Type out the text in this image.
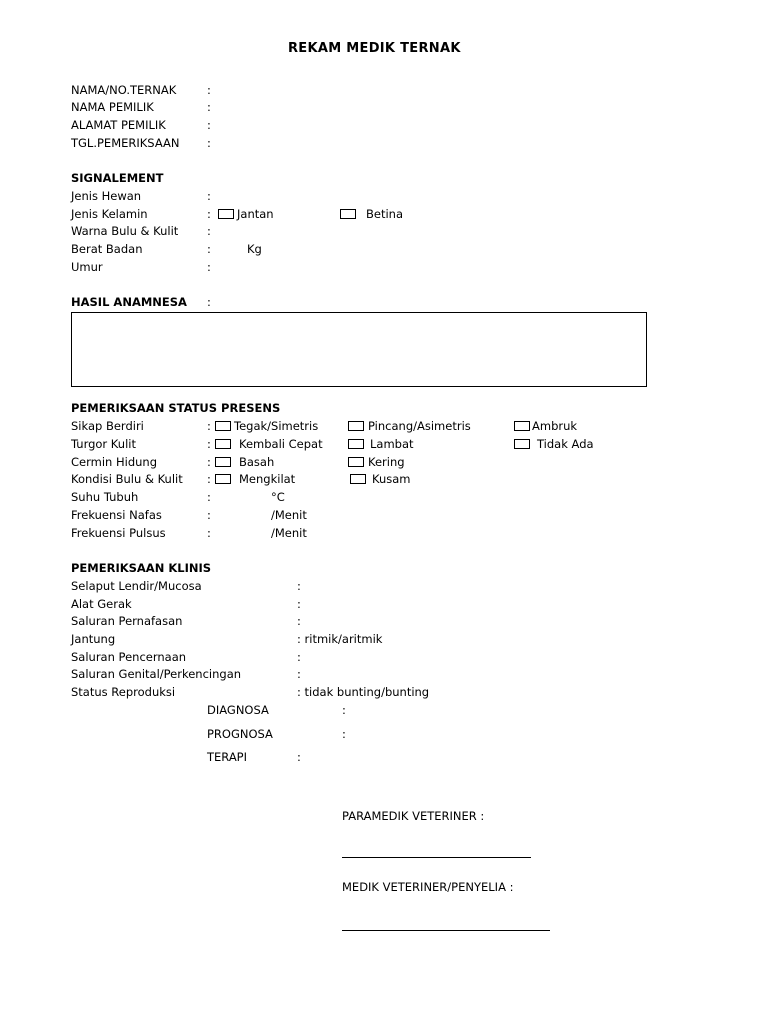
REKAM MEDIK TERNAK
NAMA/NO.TERNAK	:
NAMA PEMILIK	:
ALAMAT PEMILIK	:
TGL.PEMERIKSAAN :
SIGNALEMENT
Jenis Hewan	:
Jenis Kelamin	: Jantan	Betina
Warna Bulu & Kulit :
Berat Badan	:	Kg
Umur	:
HASIL ANAMNESA :
PEMERIKSAAN STATUS PRESENS
Sikap Berdiri	: Tegak/Simetris	Pincang/Asimetris	Ambruk
Turgor Kulit	: Kembali Cepat	Lambat	Tidak Ada
Cermin Hidung	: Basah	Kering
Kondisi Bulu & Kulit : Mengkilat	Kusam
Suhu Tubuh	:	°C
Frekuensi Nafas	:	/Menit
Frekuensi Pulsus	:	/Menit
PEMERIKSAAN KLINIS
Selaput Lendir/Mucosa	:
Alat Gerak	:
Saluran Pernafasan	:
Jantung	: ritmik/aritmik
Saluran Pencernaan	:
Saluran Genital/Perkencingan	:
Status Reproduksi	: tidak bunting/bunting
DIAGNOSA	:
PROGNOSA	:
TERAPI	:
PARAMEDIK VETERINER :
MEDIK VETERINER/PENYELIA :
